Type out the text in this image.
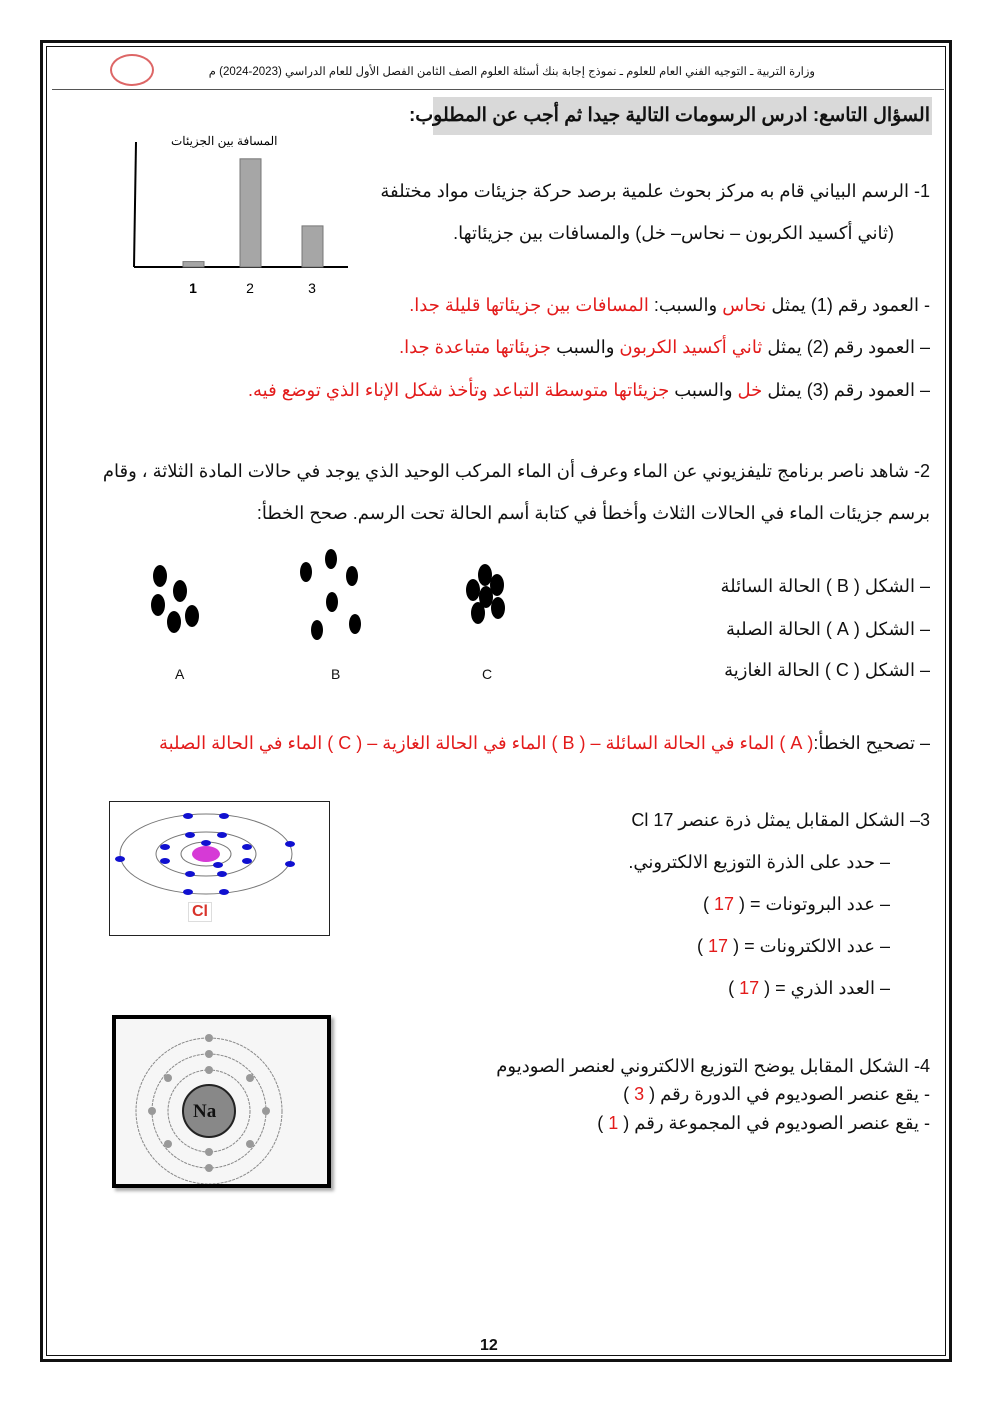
وزارة التربية ـ التوجيه الفني العام للعلوم ـ نموذج إجابة بنك أسئلة العلوم الصف الثامن الفصل الأول للعام الدراسي (2023-2024) م
السؤال التاسع: ادرس الرسومات التالية جيدا ثم أجب عن المطلوب:
المسافة بين الجزيئات
1	2	3
1- الرسم البياني قام به مركز بحوث علمية برصد حركة جزيئات مواد مختلفة
(ثاني أكسيد الكربون – نحاس– خل) والمسافات بين جزيئاتها.
- العمود رقم (1) يمثل نحاس والسبب: المسافات بين جزيئاتها قليلة جدا.
– العمود رقم (2) يمثل ثاني أكسيد الكربون والسبب جزيئاتها متباعدة جدا.
– العمود رقم (3) يمثل خل والسبب جزيئاتها متوسطة التباعد وتأخذ شكل الإناء الذي توضع فيه.
2- شاهد ناصر برنامج تليفزيوني عن الماء وعرف أن الماء المركب الوحيد الذي يوجد في حالات المادة الثلاثة ، وقام
برسم جزيئات الماء في الحالات الثلاث وأخطأ في كتابة أسم الحالة تحت الرسم. صحح الخطأ:
– الشكل ( B ) الحالة السائلة
– الشكل ( A ) الحالة الصلبة
– الشكل ( C ) الحالة الغازية
A	B	C
– تصحيح الخطأ:( A ) الماء في الحالة السائلة – ( B ) الماء في الحالة الغازية – ( C ) الماء في الحالة الصلبة
3– الشكل المقابل يمثل ذرة عنصر Cl 17
– حدد على الذرة التوزيع الالكتروني.
– عدد البروتونات = ( 17 )
– عدد الالكترونات = ( 17 )
– العدد الذري = ( 17 )
Cl
4- الشكل المقابل يوضح التوزيع الالكتروني لعنصر الصوديوم
- يقع عنصر الصوديوم في الدورة رقم ( 3 )
- يقع عنصر الصوديوم في المجموعة رقم ( 1 )
Na
12
